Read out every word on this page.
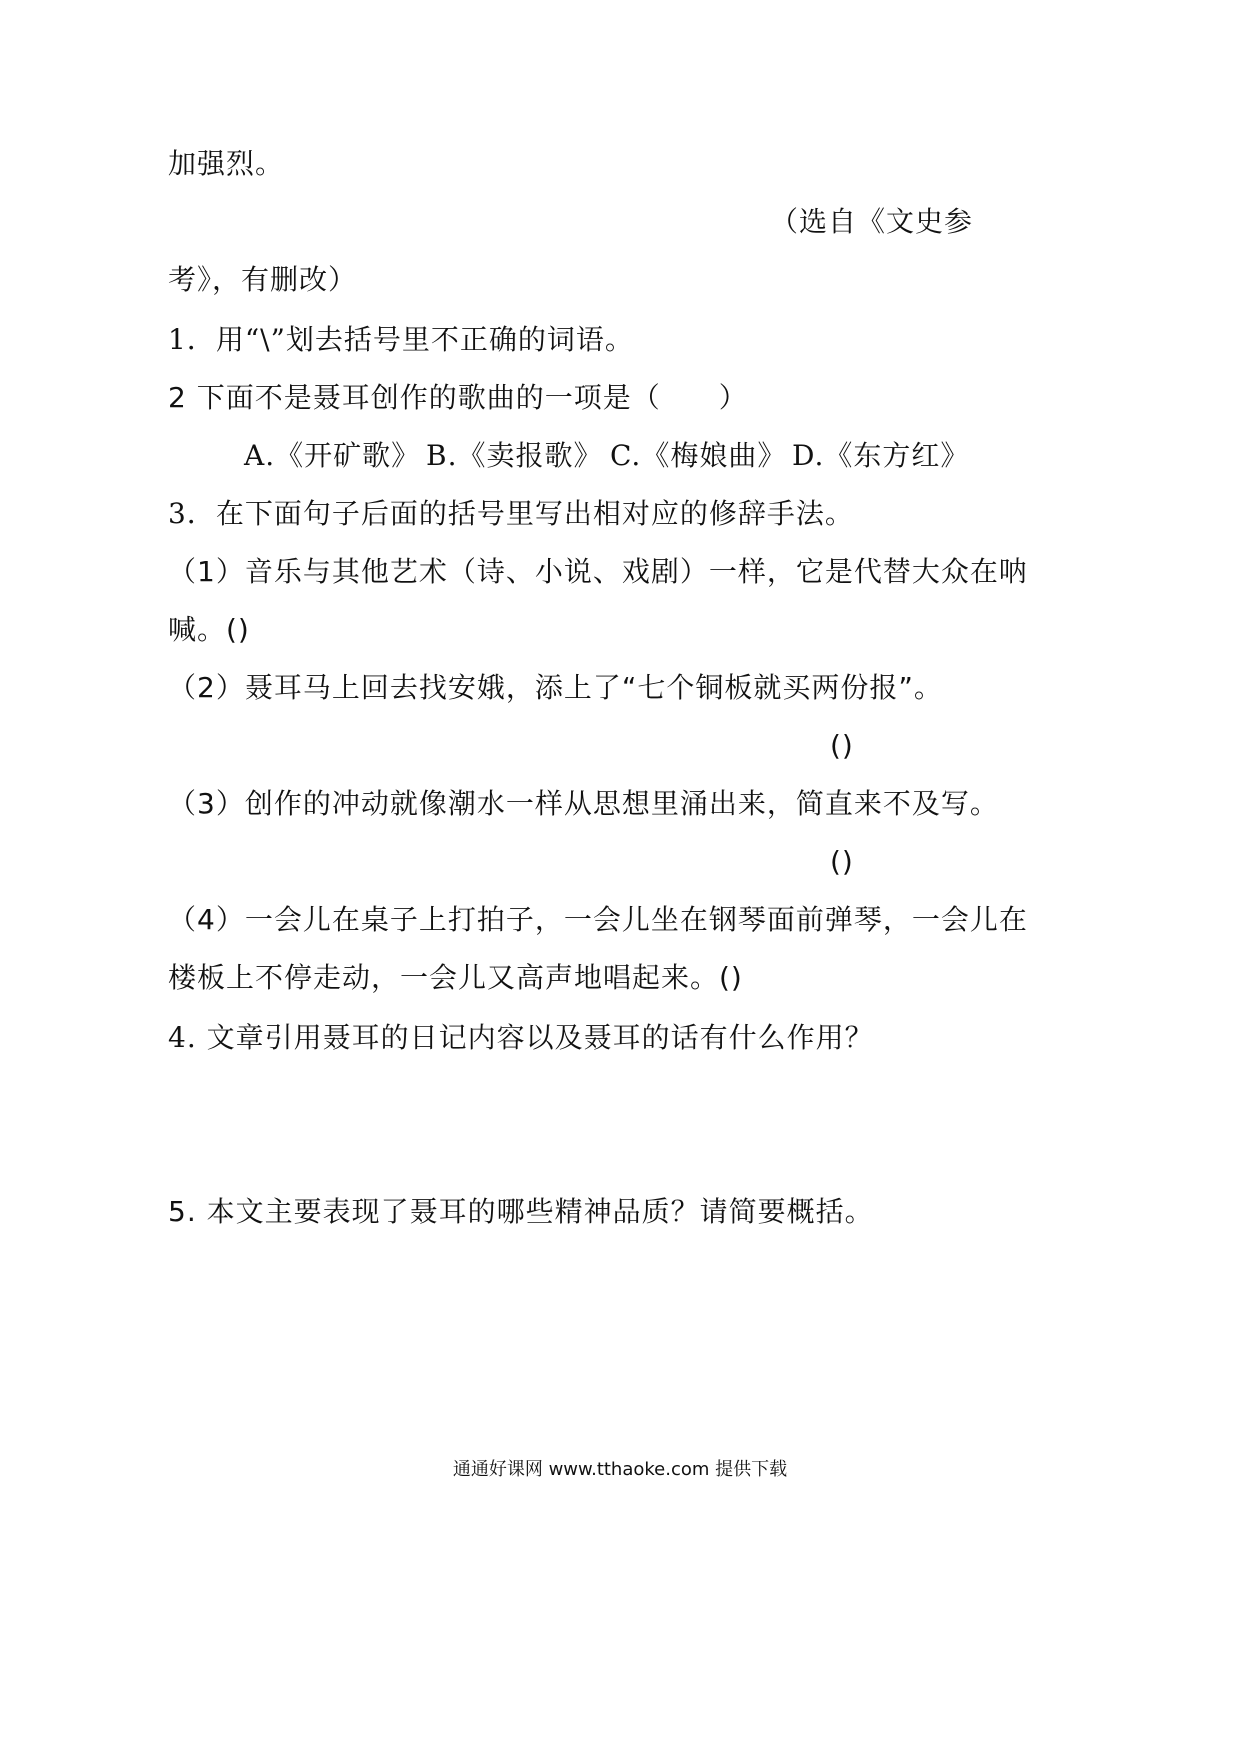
加强烈。
（选自《文史参
考》，有删改）
1．用“\”划去括号里不正确的词语。
2 下面不是聂耳创作的歌曲的一项是（　　）
A.《开矿歌》 B.《卖报歌》 C.《梅娘曲》 D.《东方红》
3．在下面句子后面的括号里写出相对应的修辞手法。
（1）音乐与其他艺术（诗、小说、戏剧）一样，它是代替大众在呐
喊。()
（2）聂耳马上回去找安娥，添上了“七个铜板就买两份报”。
()
（3）创作的冲动就像潮水一样从思想里涌出来，简直来不及写。
()
（4）一会儿在桌子上打拍子，一会儿坐在钢琴面前弹琴，一会儿在
楼板上不停走动，一会儿又高声地唱起来。()
4. 文章引用聂耳的日记内容以及聂耳的话有什么作用？
5. 本文主要表现了聂耳的哪些精神品质？请简要概括。
通通好课网 www.tthaoke.com 提供下载
